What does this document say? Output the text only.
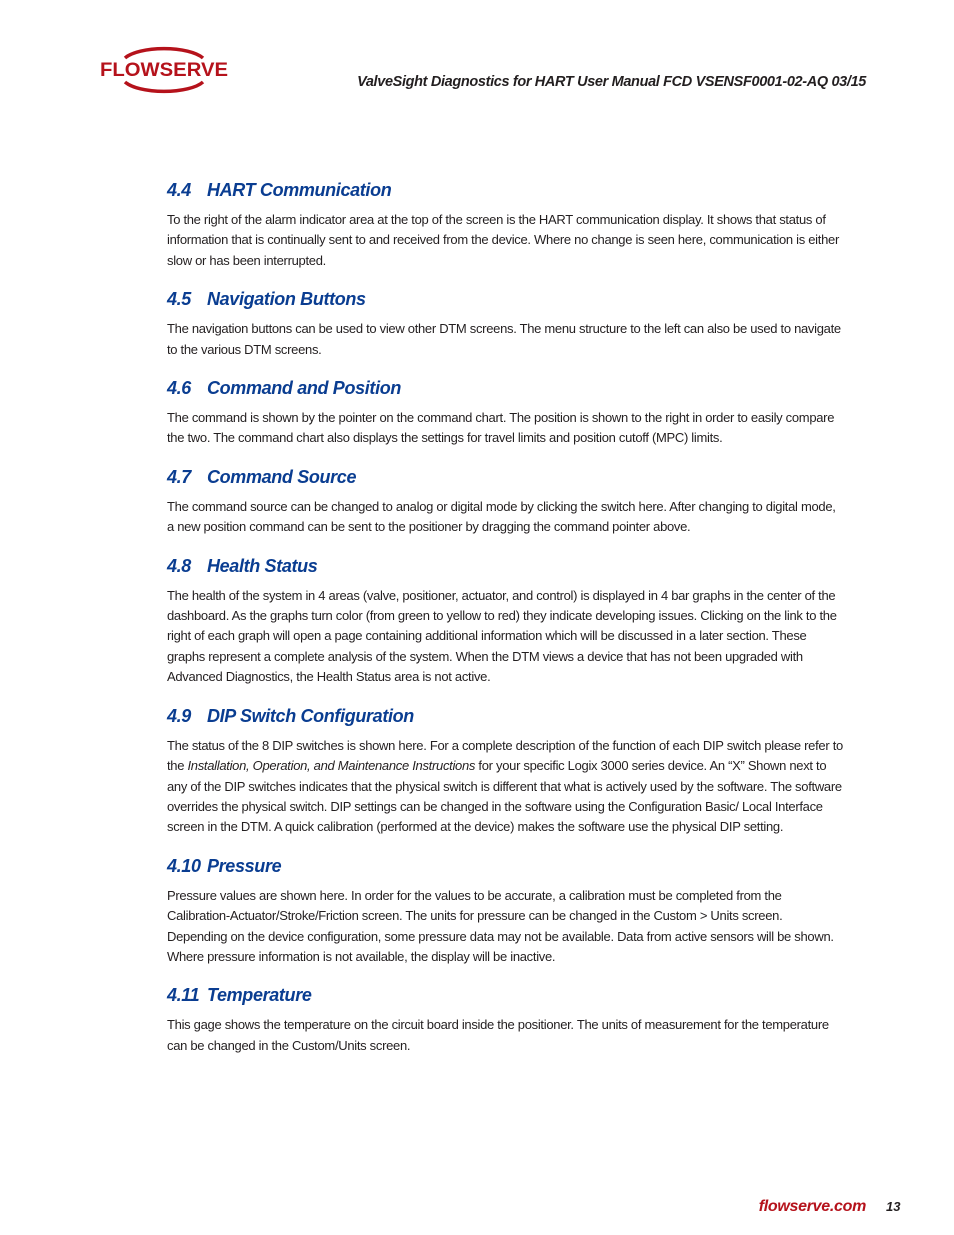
FLOWSERVE
ValveSight Diagnostics for HART User Manual FCD VSENSF0001-02-AQ 03/15
4.4 HART Communication

To the right of the alarm indicator area at the top of the screen is the HART communication display. It shows that status of information that is continually sent to and received from the device. Where no change is seen here, communication is either slow or has been interrupted.

4.5 Navigation Buttons

The navigation buttons can be used to view other DTM screens. The menu structure to the left can also be used to navigate to the various DTM screens.

4.6 Command and Position

The command is shown by the pointer on the command chart. The position is shown to the right in order to easily compare the two. The command chart also displays the settings for travel limits and position cutoff (MPC) limits.

4.7 Command Source

The command source can be changed to analog or digital mode by clicking the switch here. After changing to digital mode, a new position command can be sent to the positioner by dragging the command pointer above.

4.8 Health Status

The health of the system in 4 areas (valve, positioner, actuator, and control) is displayed in 4 bar graphs in the center of the dashboard. As the graphs turn color (from green to yellow to red) they indicate developing issues. Clicking on the link to the right of each graph will open a page containing additional information which will be discussed in a later section. These graphs represent a complete analysis of the system. When the DTM views a device that has not been upgraded with Advanced Diagnostics, the Health Status area is not active.

4.9 DIP Switch Configuration

The status of the 8 DIP switches is shown here. For a complete description of the function of each DIP switch please refer to the Installation, Operation, and Maintenance Instructions for your specific Logix 3000 series device. An “X” Shown next to any of the DIP switches indicates that the physical switch is different that what is actively used by the software. The software overrides the physical switch. DIP settings can be changed in the software using the Configuration Basic/ Local Interface screen in the DTM. A quick calibration (performed at the device) makes the software use the physical DIP setting.

4.10 Pressure

Pressure values are shown here. In order for the values to be accurate, a calibration must be completed from the Calibration-Actuator/Stroke/Friction screen. The units for pressure can be changed in the Custom > Units screen. Depending on the device configuration, some pressure data may not be available. Data from active sensors will be shown. Where pressure information is not available, the display will be inactive.

4.11 Temperature

This gage shows the temperature on the circuit board inside the positioner. The units of measurement for the temperature can be changed in the Custom/Units screen.

flowserve.com 13
